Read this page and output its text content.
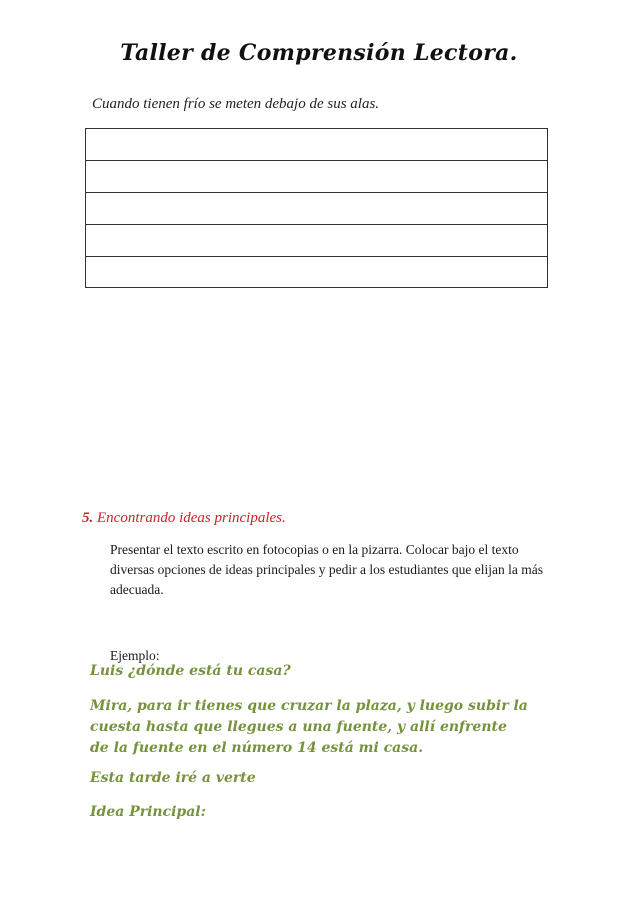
Taller de Comprensión Lectora.
Cuando tienen frío se meten debajo de sus alas.
5. Encontrando ideas principales.
Presentar el texto escrito en fotocopias o en la pizarra. Colocar bajo el texto diversas opciones de ideas principales y pedir a los estudiantes que elijan la más adecuada.
Ejemplo:
Luis ¿dónde está tu casa?
Mira, para ir tienes que cruzar la plaza, y luego subir la cuesta hasta que llegues a una fuente, y allí enfrente de la fuente en el número 14 está mi casa.
Esta tarde iré a verte
Idea Principal:
